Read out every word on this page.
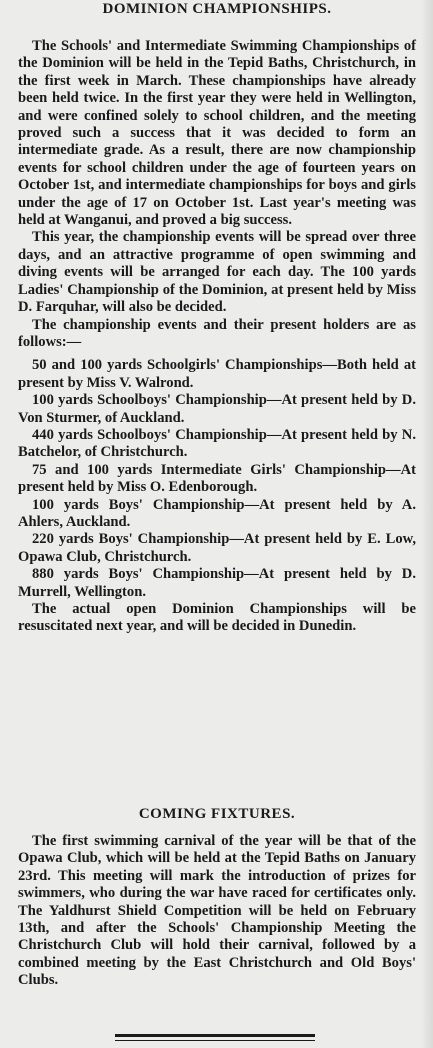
DOMINION CHAMPIONSHIPS.

The Schools' and Intermediate Swimming Championships of the Dominion will be held in the Tepid Baths, Christchurch, in the first week in March. These championships have already been held twice. In the first year they were held in Wellington, and were confined solely to school children, and the meeting proved such a success that it was decided to form an intermediate grade. As a result, there are now championship events for school children under the age of fourteen years on October 1st, and intermediate championships for boys and girls under the age of 17 on October 1st. Last year's meeting was held at Wanganui, and proved a big success.

This year, the championship events will be spread over three days, and an attractive programme of open swimming and diving events will be arranged for each day. The 100 yards Ladies' Championship of the Dominion, at present held by Miss D. Farquhar, will also be decided.

The championship events and their present holders are as follows:—

50 and 100 yards Schoolgirls' Championships—Both held at present by Miss V. Walrond.

100 yards Schoolboys' Championship—At present held by D. Von Sturmer, of Auckland.

440 yards Schoolboys' Championship—At present held by N. Batchelor, of Christchurch.

75 and 100 yards Intermediate Girls' Championship—At present held by Miss O. Edenborough.

100 yards Boys' Championship—At present held by A. Ahlers, Auckland.

220 yards Boys' Championship—At present held by E. Low, Opawa Club, Christchurch.

880 yards Boys' Championship—At present held by D. Murrell, Wellington.

The actual open Dominion Championships will be resuscitated next year, and will be decided in Dunedin.

COMING FIXTURES.

The first swimming carnival of the year will be that of the Opawa Club, which will be held at the Tepid Baths on January 23rd. This meeting will mark the introduction of prizes for swimmers, who during the war have raced for certificates only. The Yaldhurst Shield Competition will be held on February 13th, and after the Schools' Championship Meeting the Christchurch Club will hold their carnival, followed by a combined meeting by the East Christchurch and Old Boys' Clubs.
